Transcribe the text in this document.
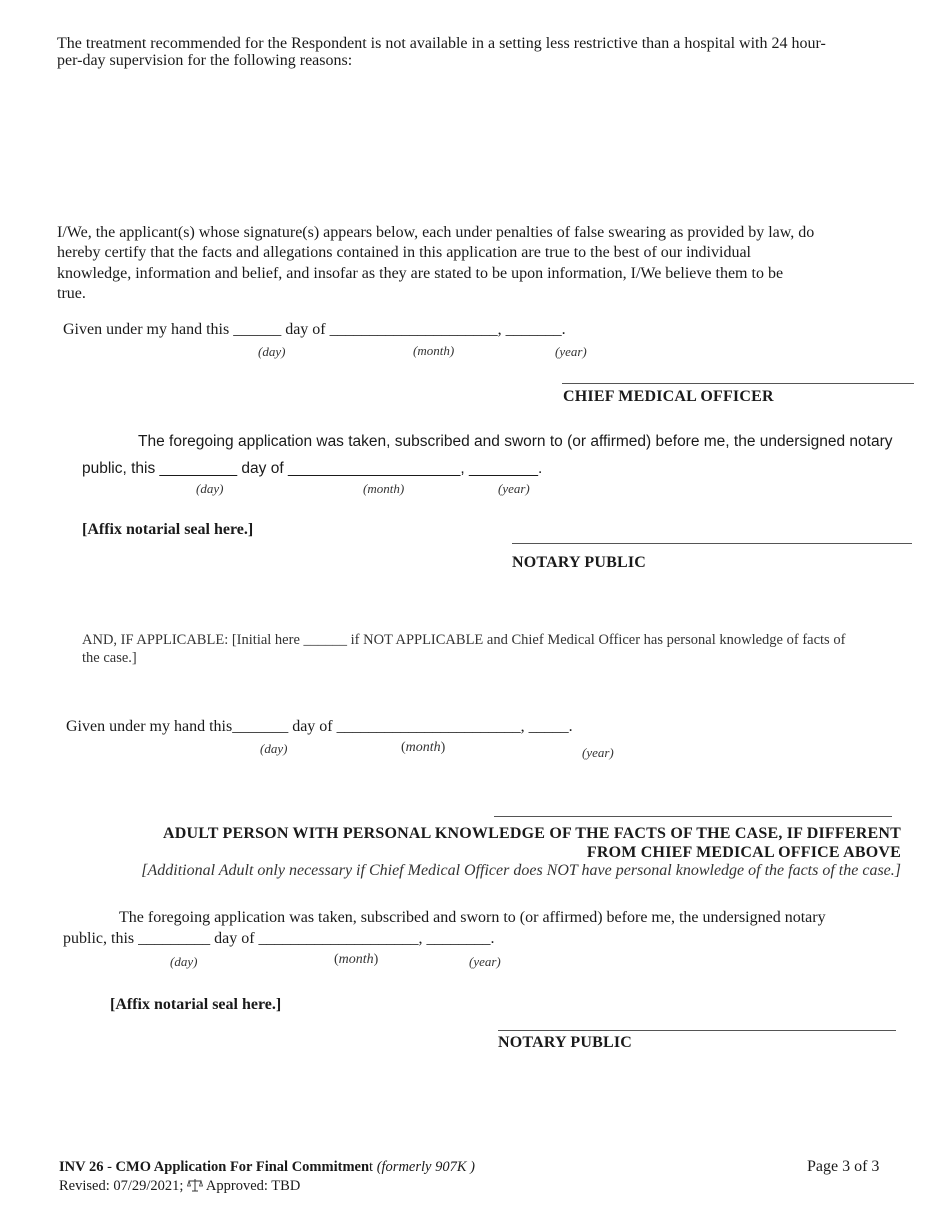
The treatment recommended for the Respondent is not available in a setting less restrictive than a hospital with 24 hour-
per-day supervision for the following reasons:
I/We, the applicant(s) whose signature(s) appears below, each under penalties of false swearing as provided by law, do
hereby certify that the facts and allegations contained in this application are true to the best of our individual
knowledge, information and belief, and insofar as they are stated to be upon information, I/We believe them to be
true.
Given under my hand this ______ day of _____________________, _______.
(day)	(month)	(year)
CHIEF MEDICAL OFFICER
The foregoing application was taken, subscribed and sworn to (or affirmed) before me, the undersigned notary
public, this _________ day of ____________________, ________.
(day)	(month)	(year)
[Affix notarial seal here.]
NOTARY PUBLIC
AND, IF APPLICABLE: [Initial here ______ if NOT APPLICABLE and Chief Medical Officer has personal knowledge of facts of
the case.]
Given under my hand this_______ day of _______________________, _____.
(day)	(month)	(year)
ADULT PERSON WITH PERSONAL KNOWLEDGE OF THE FACTS OF THE CASE, IF DIFFERENT
FROM CHIEF MEDICAL OFFICE ABOVE
[Additional Adult only necessary if Chief Medical Officer does NOT have personal knowledge of the facts of the case.]
The foregoing application was taken, subscribed and sworn to (or affirmed) before me, the undersigned notary
public, this _________ day of ____________________, ________.
(day)	(month)	(year)
[Affix notarial seal here.]
NOTARY PUBLIC
INV 26 - CMO Application For Final Commitment (formerly 907K )
Revised: 07/29/2021; Approved: TBD
Page 3 of 3
